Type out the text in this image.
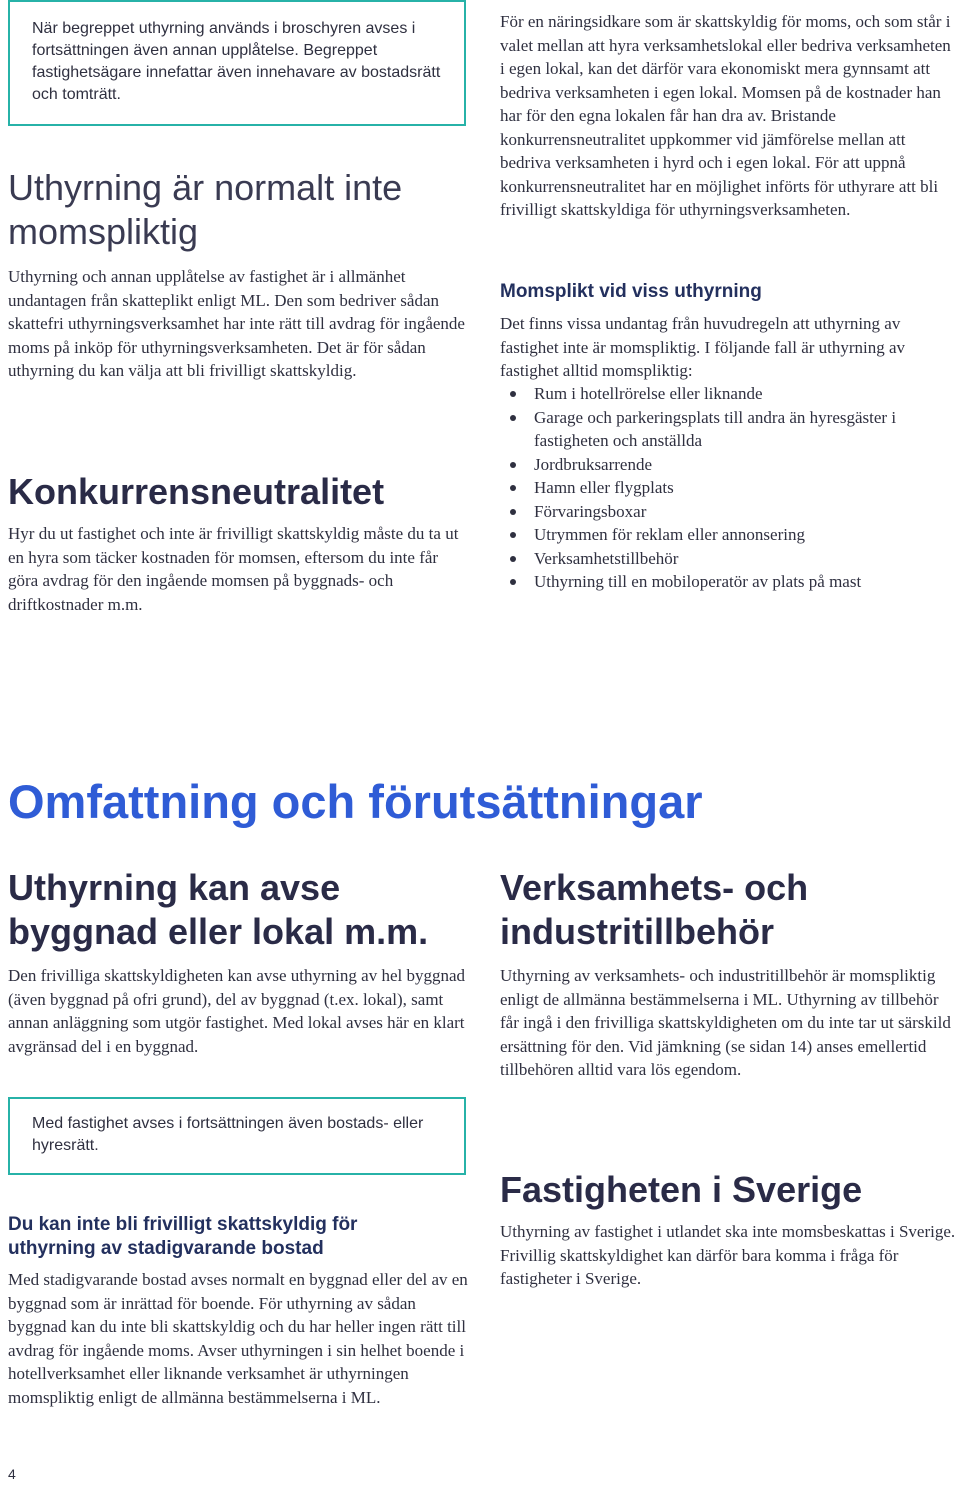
När begreppet uthyrning används i broschyren avses i fortsättningen även annan upplåtelse. Begreppet fastighetsägare innefattar även innehavare av bostadsrätt och tomträtt.

Uthyrning är normalt inte momspliktig

Uthyrning och annan upplåtelse av fastighet är i allmänhet undantagen från skatteplikt enligt ML. Den som bedriver sådan skattefri uthyrningsverksamhet har inte rätt till avdrag för ingående moms på inköp för uthyrningsverksamheten. Det är för sådan uthyrning du kan välja att bli frivilligt skattskyldig.

Konkurrensneutralitet

Hyr du ut fastighet och inte är frivilligt skattskyldig måste du ta ut en hyra som täcker kostnaden för momsen, eftersom du inte får göra avdrag för den ingående momsen på byggnads- och driftkostnader m.m.

För en näringsidkare som är skattskyldig för moms, och som står i valet mellan att hyra verksamhetslokal eller bedriva verksamheten i egen lokal, kan det därför vara ekonomiskt mera gynnsamt att bedriva verksamheten i egen lokal. Momsen på de kostnader han har för den egna lokalen får han dra av. Bristande konkurrensneutralitet uppkommer vid jämförelse mellan att bedriva verksamheten i hyrd och i egen lokal. För att uppnå konkurrensneutralitet har en möjlighet införts för uthyrare att bli frivilligt skattskyldiga för uthyrningsverksamheten.

Momsplikt vid viss uthyrning

Det finns vissa undantag från huvudregeln att uthyrning av fastighet inte är momspliktig. I följande fall är uthyrning av fastighet alltid momspliktig:

Rum i hotellrörelse eller liknande
Garage och parkeringsplats till andra än hyresgäster i fastigheten och anställda
Jordbruksarrende
Hamn eller flygplats
Förvaringsboxar
Utrymmen för reklam eller annonsering
Verksamhetstillbehör
Uthyrning till en mobiloperatör av plats på mast
Omfattning och förutsättningar
Uthyrning kan avse byggnad eller lokal m.m.

Den frivilliga skattskyldigheten kan avse uthyrning av hel byggnad (även byggnad på ofri grund), del av byggnad (t.ex. lokal), samt annan anläggning som utgör fastighet. Med lokal avses här en klart avgränsad del i en byggnad.

Med fastighet avses i fortsättningen även bostads- eller hyresrätt.

Du kan inte bli frivilligt skattskyldig för uthyrning av stadigvarande bostad

Med stadigvarande bostad avses normalt en byggnad eller del av en byggnad som är inrättad för boende. För uthyrning av sådan byggnad kan du inte bli skattskyldig och du har heller ingen rätt till avdrag för ingående moms. Avser uthyrningen i sin helhet boende i hotellverksamhet eller liknande verksamhet är uthyrningen momspliktig enligt de allmänna bestämmelserna i ML.

Verksamhets- och industritillbehör

Uthyrning av verksamhets- och industritillbehör är momspliktig enligt de allmänna bestämmelserna i ML. Uthyrning av tillbehör får ingå i den frivilliga skattskyldigheten om du inte tar ut särskild ersättning för den. Vid jämkning (se sidan 14) anses emellertid tillbehören alltid vara lös egendom.

Fastigheten i Sverige

Uthyrning av fastighet i utlandet ska inte momsbeskattas i Sverige. Frivillig skattskyldighet kan därför bara komma i fråga för fastigheter i Sverige.

4
